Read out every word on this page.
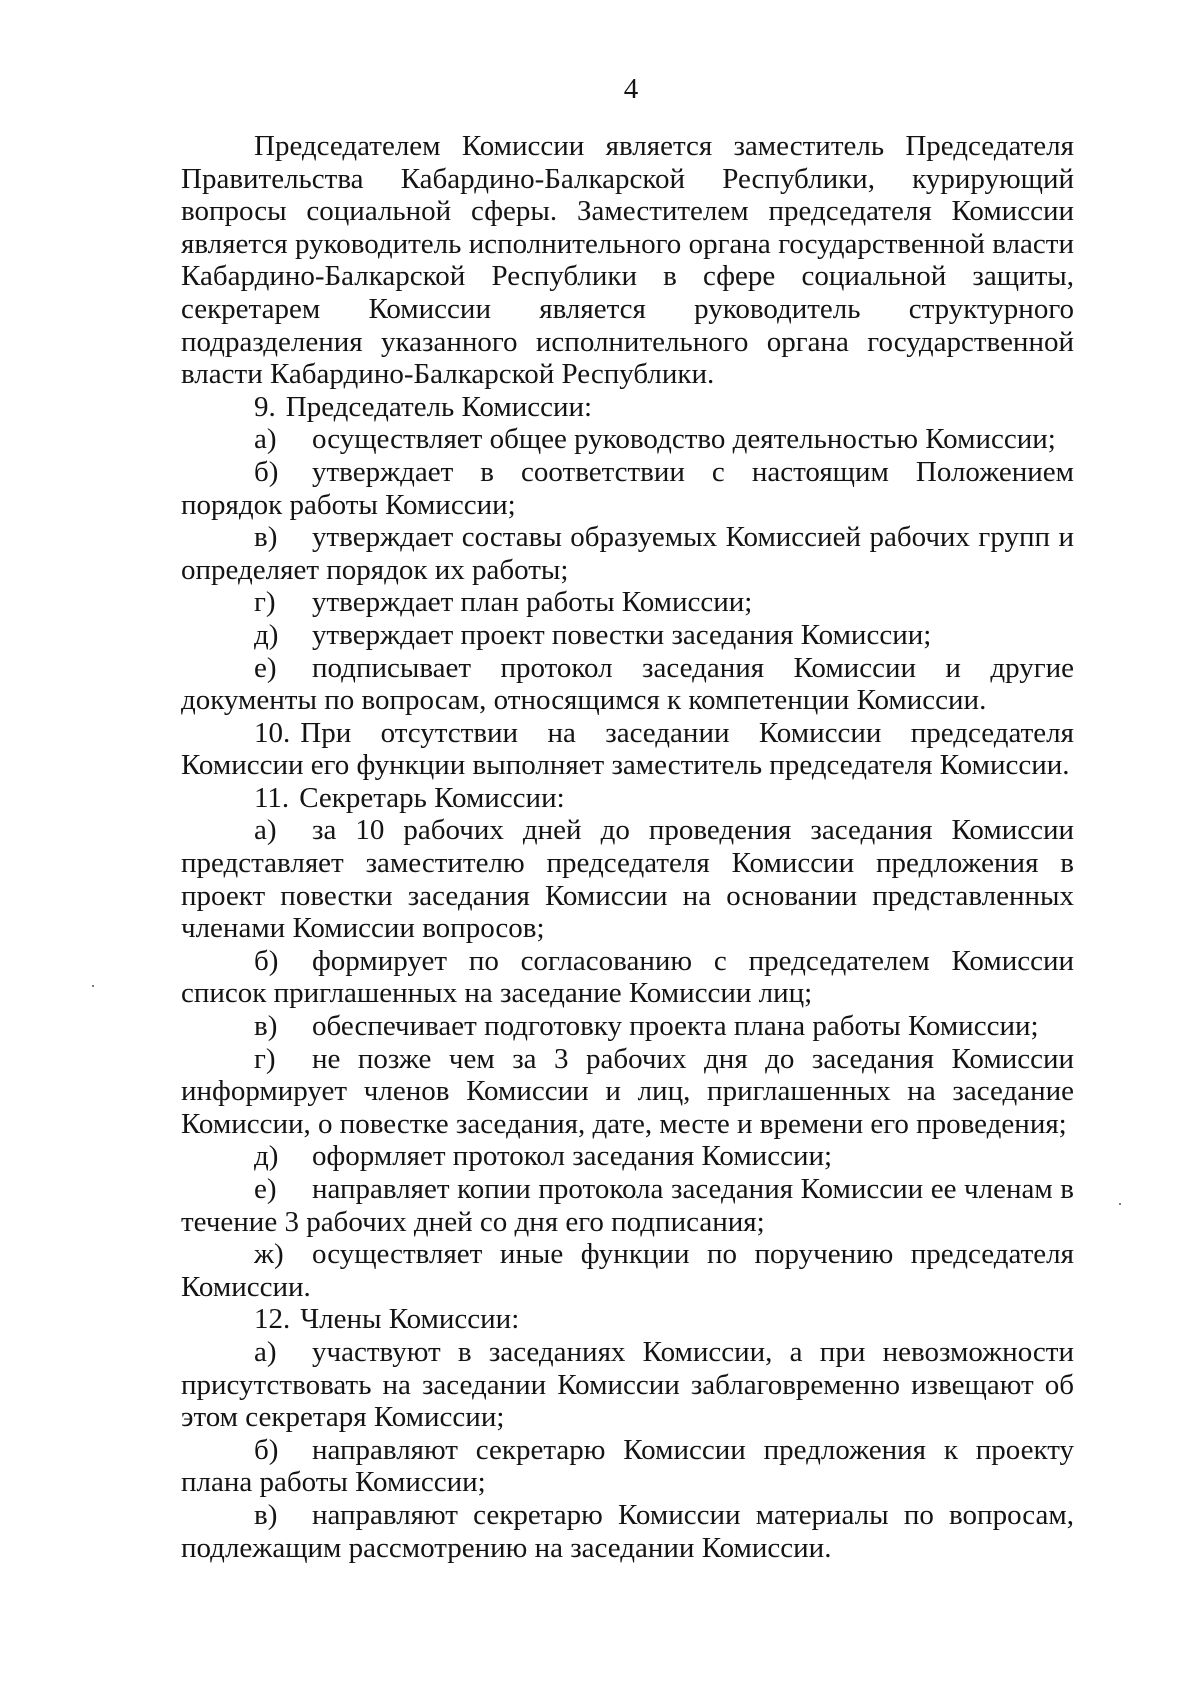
4

Председателем Комиссии является заместитель Председателя Правительства Кабардино-Балкарской Республики, курирующий вопросы социальной сферы. Заместителем председателя Комиссии является руководитель исполнительного органа государственной власти Кабардино-Балкарской Республики в сфере социальной защиты, секретарем Комиссии является руководитель структурного подразделения указанного исполнительного органа государственной власти Кабардино-Балкарской Республики.

9. Председатель Комиссии:

а) осуществляет общее руководство деятельностью Комиссии;

б) утверждает в соответствии с настоящим Положением порядок работы Комиссии;

в) утверждает составы образуемых Комиссией рабочих групп и определяет порядок их работы;

г) утверждает план работы Комиссии;

д) утверждает проект повестки заседания Комиссии;

е) подписывает протокол заседания Комиссии и другие документы по вопросам, относящимся к компетенции Комиссии.

10. При отсутствии на заседании Комиссии председателя Комиссии его функции выполняет заместитель председателя Комиссии.

11. Секретарь Комиссии:

а) за 10 рабочих дней до проведения заседания Комиссии представляет заместителю председателя Комиссии предложения в проект повестки заседания Комиссии на основании представленных членами Комиссии вопросов;

б) формирует по согласованию с председателем Комиссии список приглашенных на заседание Комиссии лиц;

в) обеспечивает подготовку проекта плана работы Комиссии;

г) не позже чем за 3 рабочих дня до заседания Комиссии информирует членов Комиссии и лиц, приглашенных на заседание Комиссии, о повестке заседания, дате, месте и времени его проведения;

д) оформляет протокол заседания Комиссии;

е) направляет копии протокола заседания Комиссии ее членам в течение 3 рабочих дней со дня его подписания;

ж) осуществляет иные функции по поручению председателя Комиссии.

12. Члены Комиссии:

а) участвуют в заседаниях Комиссии, а при невозможности присутствовать на заседании Комиссии заблаговременно извещают об этом секретаря Комиссии;

б) направляют секретарю Комиссии предложения к проекту плана работы Комиссии;

в) направляют секретарю Комиссии материалы по вопросам, подлежащим рассмотрению на заседании Комиссии.
